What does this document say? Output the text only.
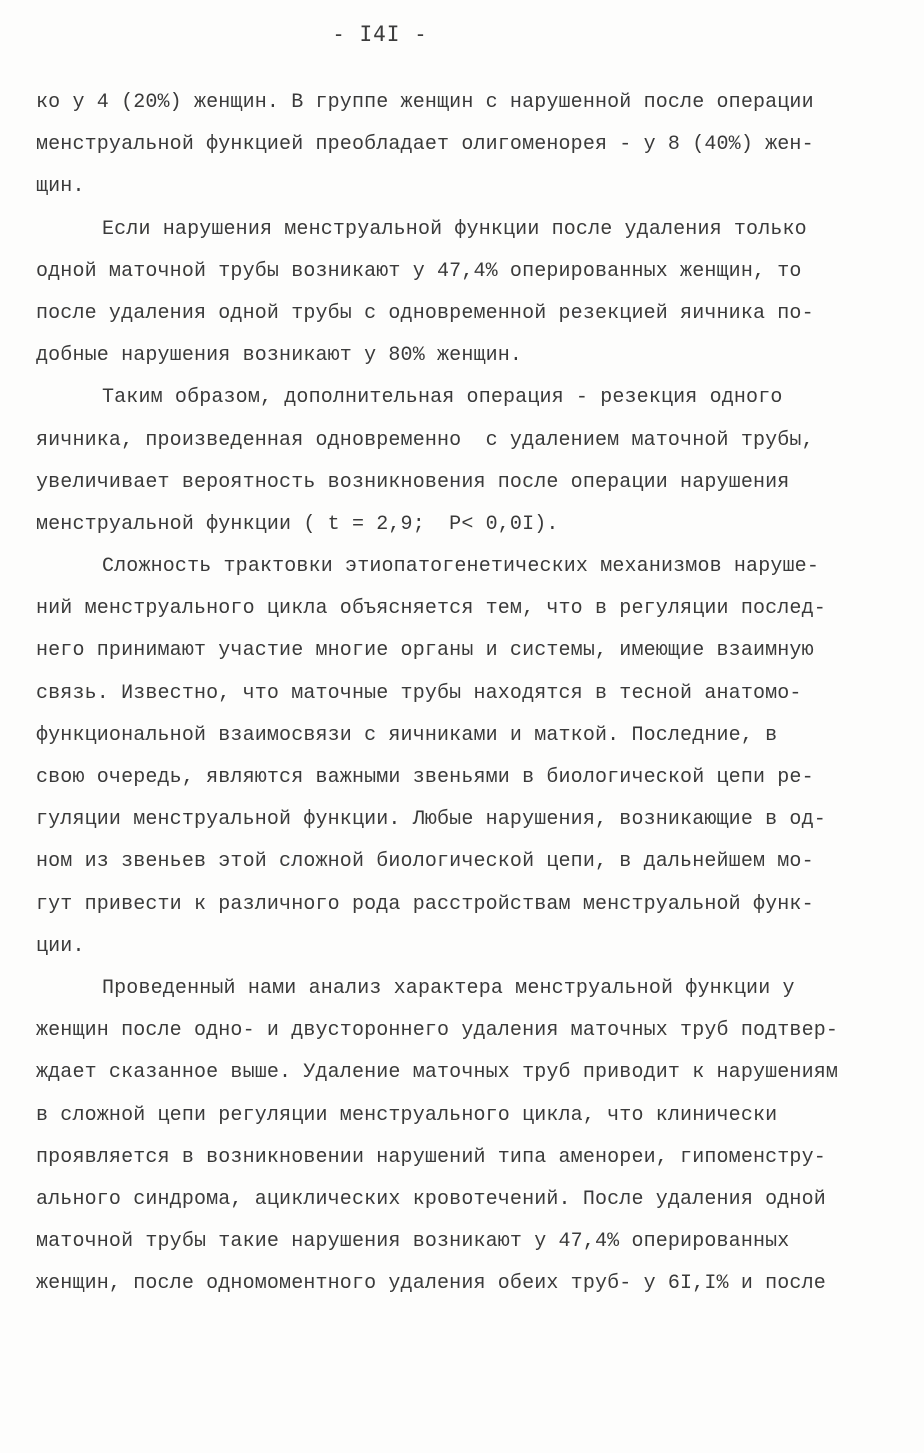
- I4I -
ко у 4 (20%) женщин. В группе женщин с нарушенной после операции
менструальной функцией преобладает олигоменорея - у 8 (40%) жен-
щин.
Если нарушения менструальной функции после удаления только
одной маточной трубы возникают у 47,4% оперированных женщин, то
после удаления одной трубы с одновременной резекцией яичника по-
добные нарушения возникают у 80% женщин.
Таким образом, дополнительная операция - резекция одного
яичника, произведенная одновременно  с удалением маточной трубы,
увеличивает вероятность возникновения после операции нарушения
менструальной функции ( t = 2,9;  P< 0,0I).
Сложность трактовки этиопатогенетических механизмов наруше-
ний менструального цикла объясняется тем, что в регуляции послед-
него принимают участие многие органы и системы, имеющие взаимную
связь. Известно, что маточные трубы находятся в тесной анатомо-
функциональной взаимосвязи с яичниками и маткой. Последние, в
свою очередь, являются важными звеньями в биологической цепи ре-
гуляции менструальной функции. Любые нарушения, возникающие в од-
ном из звеньев этой сложной биологической цепи, в дальнейшем мо-
гут привести к различного рода расстройствам менструальной функ-
ции.
Проведенный нами анализ характера менструальной функции у
женщин после одно- и двустороннего удаления маточных труб подтвер-
ждает сказанное выше. Удаление маточных труб приводит к нарушениям
в сложной цепи регуляции менструального цикла, что клинически
проявляется в возникновении нарушений типа аменореи, гипоменстру-
ального синдрома, ациклических кровотечений. После удаления одной
маточной трубы такие нарушения возникают у 47,4% оперированных
женщин, после одномоментного удаления обеих труб- у 6I,I% и после
